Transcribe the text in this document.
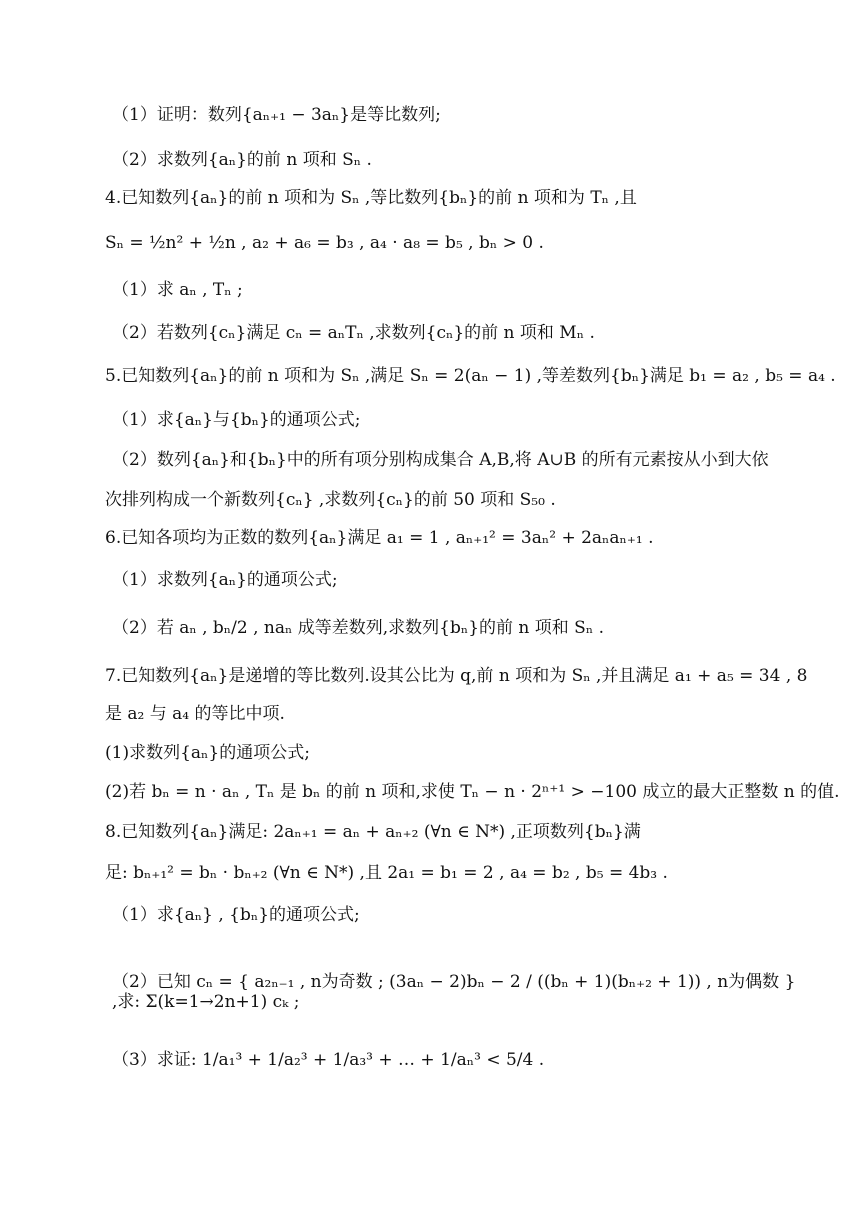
（1）证明：数列{aₙ₊₁ − 3aₙ}是等比数列;
（2）求数列{aₙ}的前 n 项和 Sₙ .
4.已知数列{aₙ}的前 n 项和为 Sₙ ,等比数列{bₙ}的前 n 项和为 Tₙ ,且
Sₙ = ½n² + ½n , a₂ + a₆ = b₃ , a₄ · a₈ = b₅ , bₙ > 0 .
（1）求 aₙ , Tₙ ;
（2）若数列{cₙ}满足 cₙ = aₙTₙ ,求数列{cₙ}的前 n 项和 Mₙ .
5.已知数列{aₙ}的前 n 项和为 Sₙ ,满足 Sₙ = 2(aₙ − 1) ,等差数列{bₙ}满足 b₁ = a₂ , b₅ = a₄ .
（1）求{aₙ}与{bₙ}的通项公式;
（2）数列{aₙ}和{bₙ}中的所有项分别构成集合 A,B,将 A∪B 的所有元素按从小到大依
次排列构成一个新数列{cₙ} ,求数列{cₙ}的前 50 项和 S₅₀ .
6.已知各项均为正数的数列{aₙ}满足 a₁ = 1 , aₙ₊₁² = 3aₙ² + 2aₙaₙ₊₁ .
（1）求数列{aₙ}的通项公式;
（2）若 aₙ , bₙ/2 , naₙ 成等差数列,求数列{bₙ}的前 n 项和 Sₙ .
7.已知数列{aₙ}是递增的等比数列.设其公比为 q,前 n 项和为 Sₙ ,并且满足 a₁ + a₅ = 34 , 8
是 a₂ 与 a₄ 的等比中项.
(1)求数列{aₙ}的通项公式;
(2)若 bₙ = n · aₙ , Tₙ 是 bₙ 的前 n 项和,求使 Tₙ − n · 2ⁿ⁺¹ > −100 成立的最大正整数 n 的值.
8.已知数列{aₙ}满足: 2aₙ₊₁ = aₙ + aₙ₊₂ (∀n ∈ N*) ,正项数列{bₙ}满
足: bₙ₊₁² = bₙ · bₙ₊₂ (∀n ∈ N*) ,且 2a₁ = b₁ = 2 , a₄ = b₂ , b₅ = 4b₃ .
（1）求{aₙ} , {bₙ}的通项公式;
（2）已知 cₙ = { a₂ₙ₋₁ , n为奇数 ; (3aₙ − 2)bₙ − 2 / ((bₙ + 1)(bₙ₊₂ + 1)) , n为偶数 } ,求: Σ(k=1→2n+1) cₖ ;
（3）求证: 1/a₁³ + 1/a₂³ + 1/a₃³ + … + 1/aₙ³ < 5/4 .
